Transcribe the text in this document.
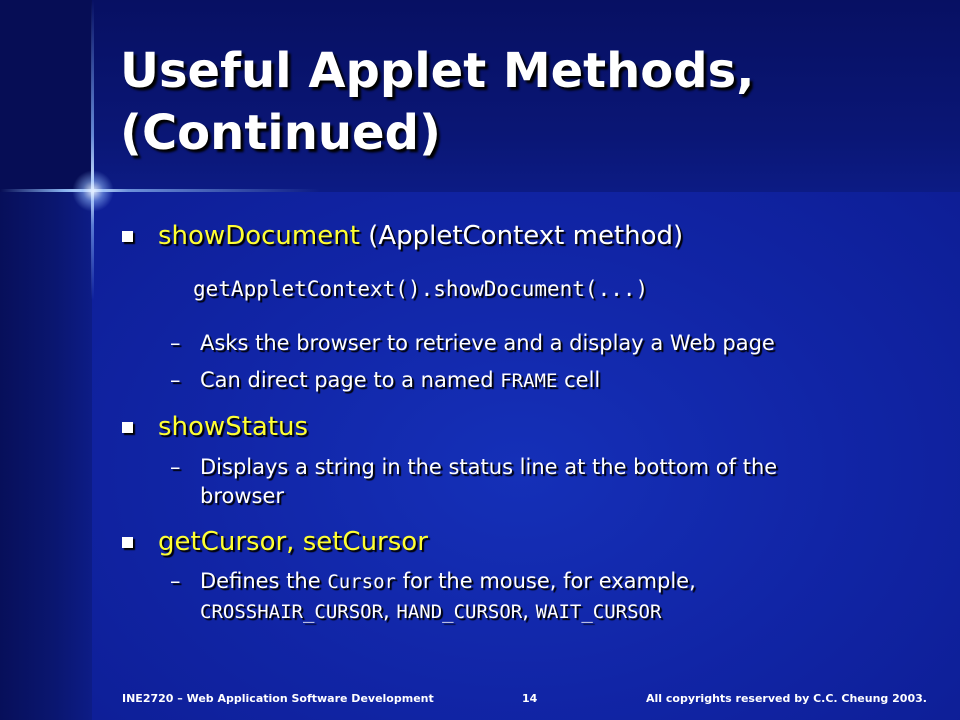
Useful Applet Methods,
(Continued)
showDocument (AppletContext method)
getAppletContext().showDocument(...)
– Asks the browser to retrieve and a display a Web page
– Can direct page to a named FRAME cell
showStatus
– Displays a string in the status line at the bottom of the
browser
getCursor, setCursor
– Defines the Cursor for the mouse, for example,
CROSSHAIR_CURSOR, HAND_CURSOR, WAIT_CURSOR
INE2720 – Web Application Software Development	14	All copyrights reserved by C.C. Cheung 2003.
